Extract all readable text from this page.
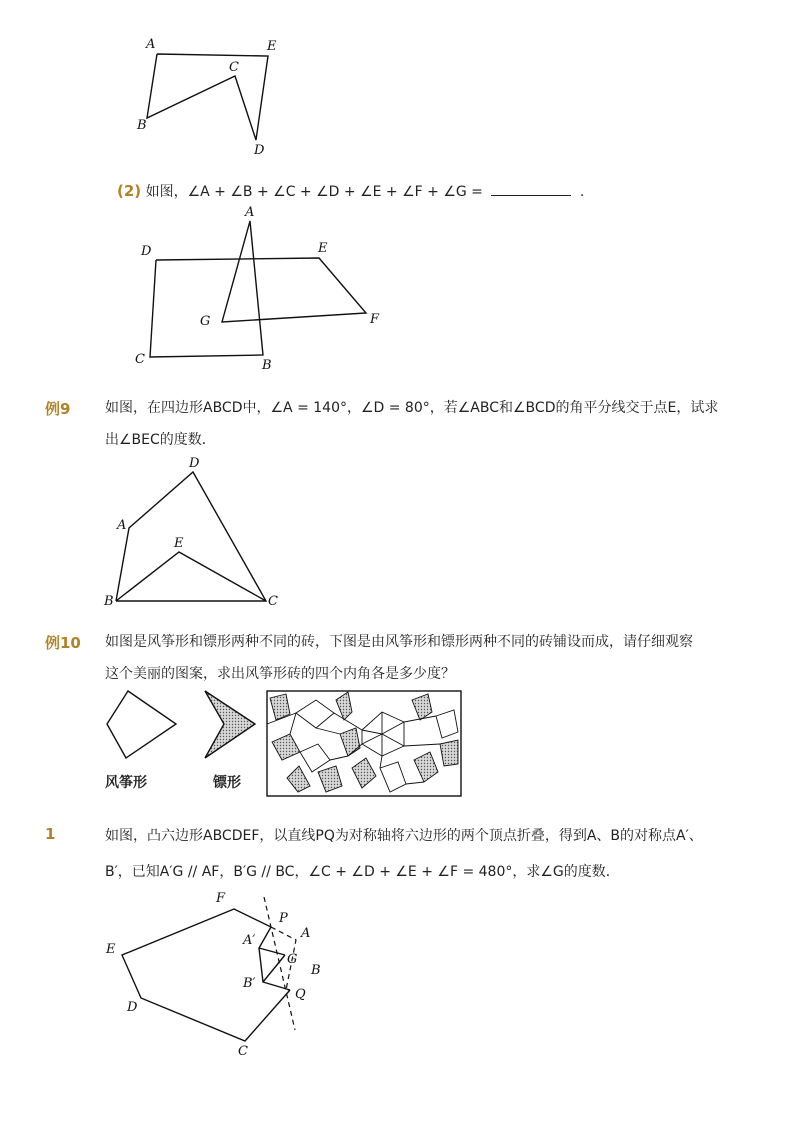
A	E
C
B
D
(2) 如图，∠A + ∠B + ∠C + ∠D + ∠E + ∠F + ∠G =	.
A
D	E
G	F
C	B
例9 如图，在四边形ABCD中，∠A = 140°，∠D = 80°，若∠ABC和∠BCD的角平分线交于点E，试求
出∠BEC的度数．
D
A
E
B	C
例10 如图是风筝形和镖形两种不同的砖，下图是由风筝形和镖形两种不同的砖铺设而成，请仔细观察
这个美丽的图案，求出风筝形砖的四个内角各是多少度？
风筝形	镖形
1	如图，凸六边形ABCDEF，以直线PQ为对称轴将六边形的两个顶点折叠，得到A、B的对称点A′、
B′，已知A′G // AF，B′G // BC，∠C + ∠D + ∠E + ∠F = 480°，求∠G的度数．
F
P
A
E
A′
G
B
B′
Q
D
C
